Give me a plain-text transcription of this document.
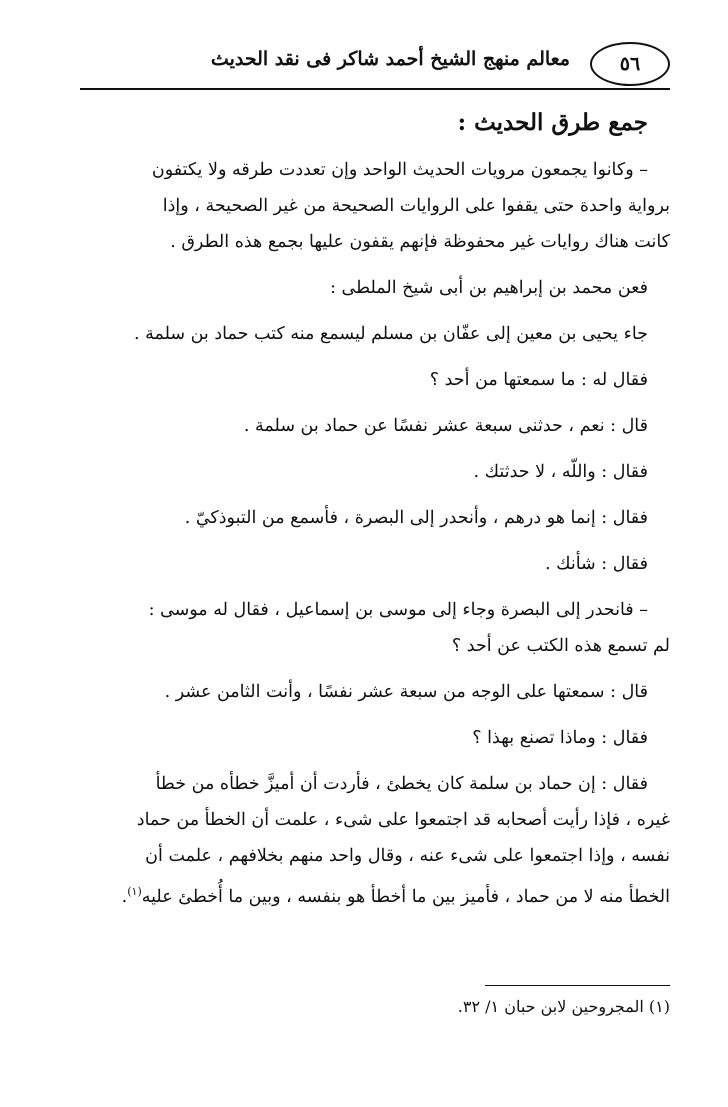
٥٦
معالم منهج الشيخ أحمد شاكر فى نقد الحديث

جمع طرق الحديث :

– وكانوا يجمعون مرويات الحديث الواحد وإن تعددت طرقه ولا يكتفون

برواية واحدة حتى يقفوا على الروايات الصحيحة من غير الصحيحة ، وإذا

كانت هناك روايات غير محفوظة فإنهم يقفون عليها بجمع هذه الطرق .

فعن محمد بن إبراهيم بن أبى شيخ الملطى :

جاء يحيى بن معين إلى عفّان بن مسلم ليسمع منه كتب حماد بن سلمة .

فقال له : ما سمعتها من أحد ؟

قال : نعم ، حدثنى سبعة عشر نفسًا عن حماد بن سلمة .

فقال : واللّه ، لا حدثتك .

فقال : إنما هو درهم ، وأنحدر إلى البصرة ، فأسمع من التبوذكيّ .

فقال : شأنك .

– فانحدر إلى البصرة وجاء إلى موسى بن إسماعيل ، فقال له موسى :

لم تسمع هذه الكتب عن أحد ؟

قال : سمعتها على الوجه من سبعة عشر نفسًا ، وأنت الثامن عشر .

فقال : وماذا تصنع بهذا ؟

فقال : إن حماد بن سلمة كان يخطئ ، فأردت أن أميزَّ خطأه من خطأ

غيره ، فإذا رأيت أصحابه قد اجتمعوا على شىء ، علمت أن الخطأ من حماد

نفسه ، وإذا اجتمعوا على شىء عنه ، وقال واحد منهم بخلافهم ، علمت أن

الخطأ منه لا من حماد ، فأميز بين ما أخطأ هو بنفسه ، وبين ما أُخطئ عليه$^{(١)}$.

(١) المجروحين لابن حبان ١/ ٣٢.
